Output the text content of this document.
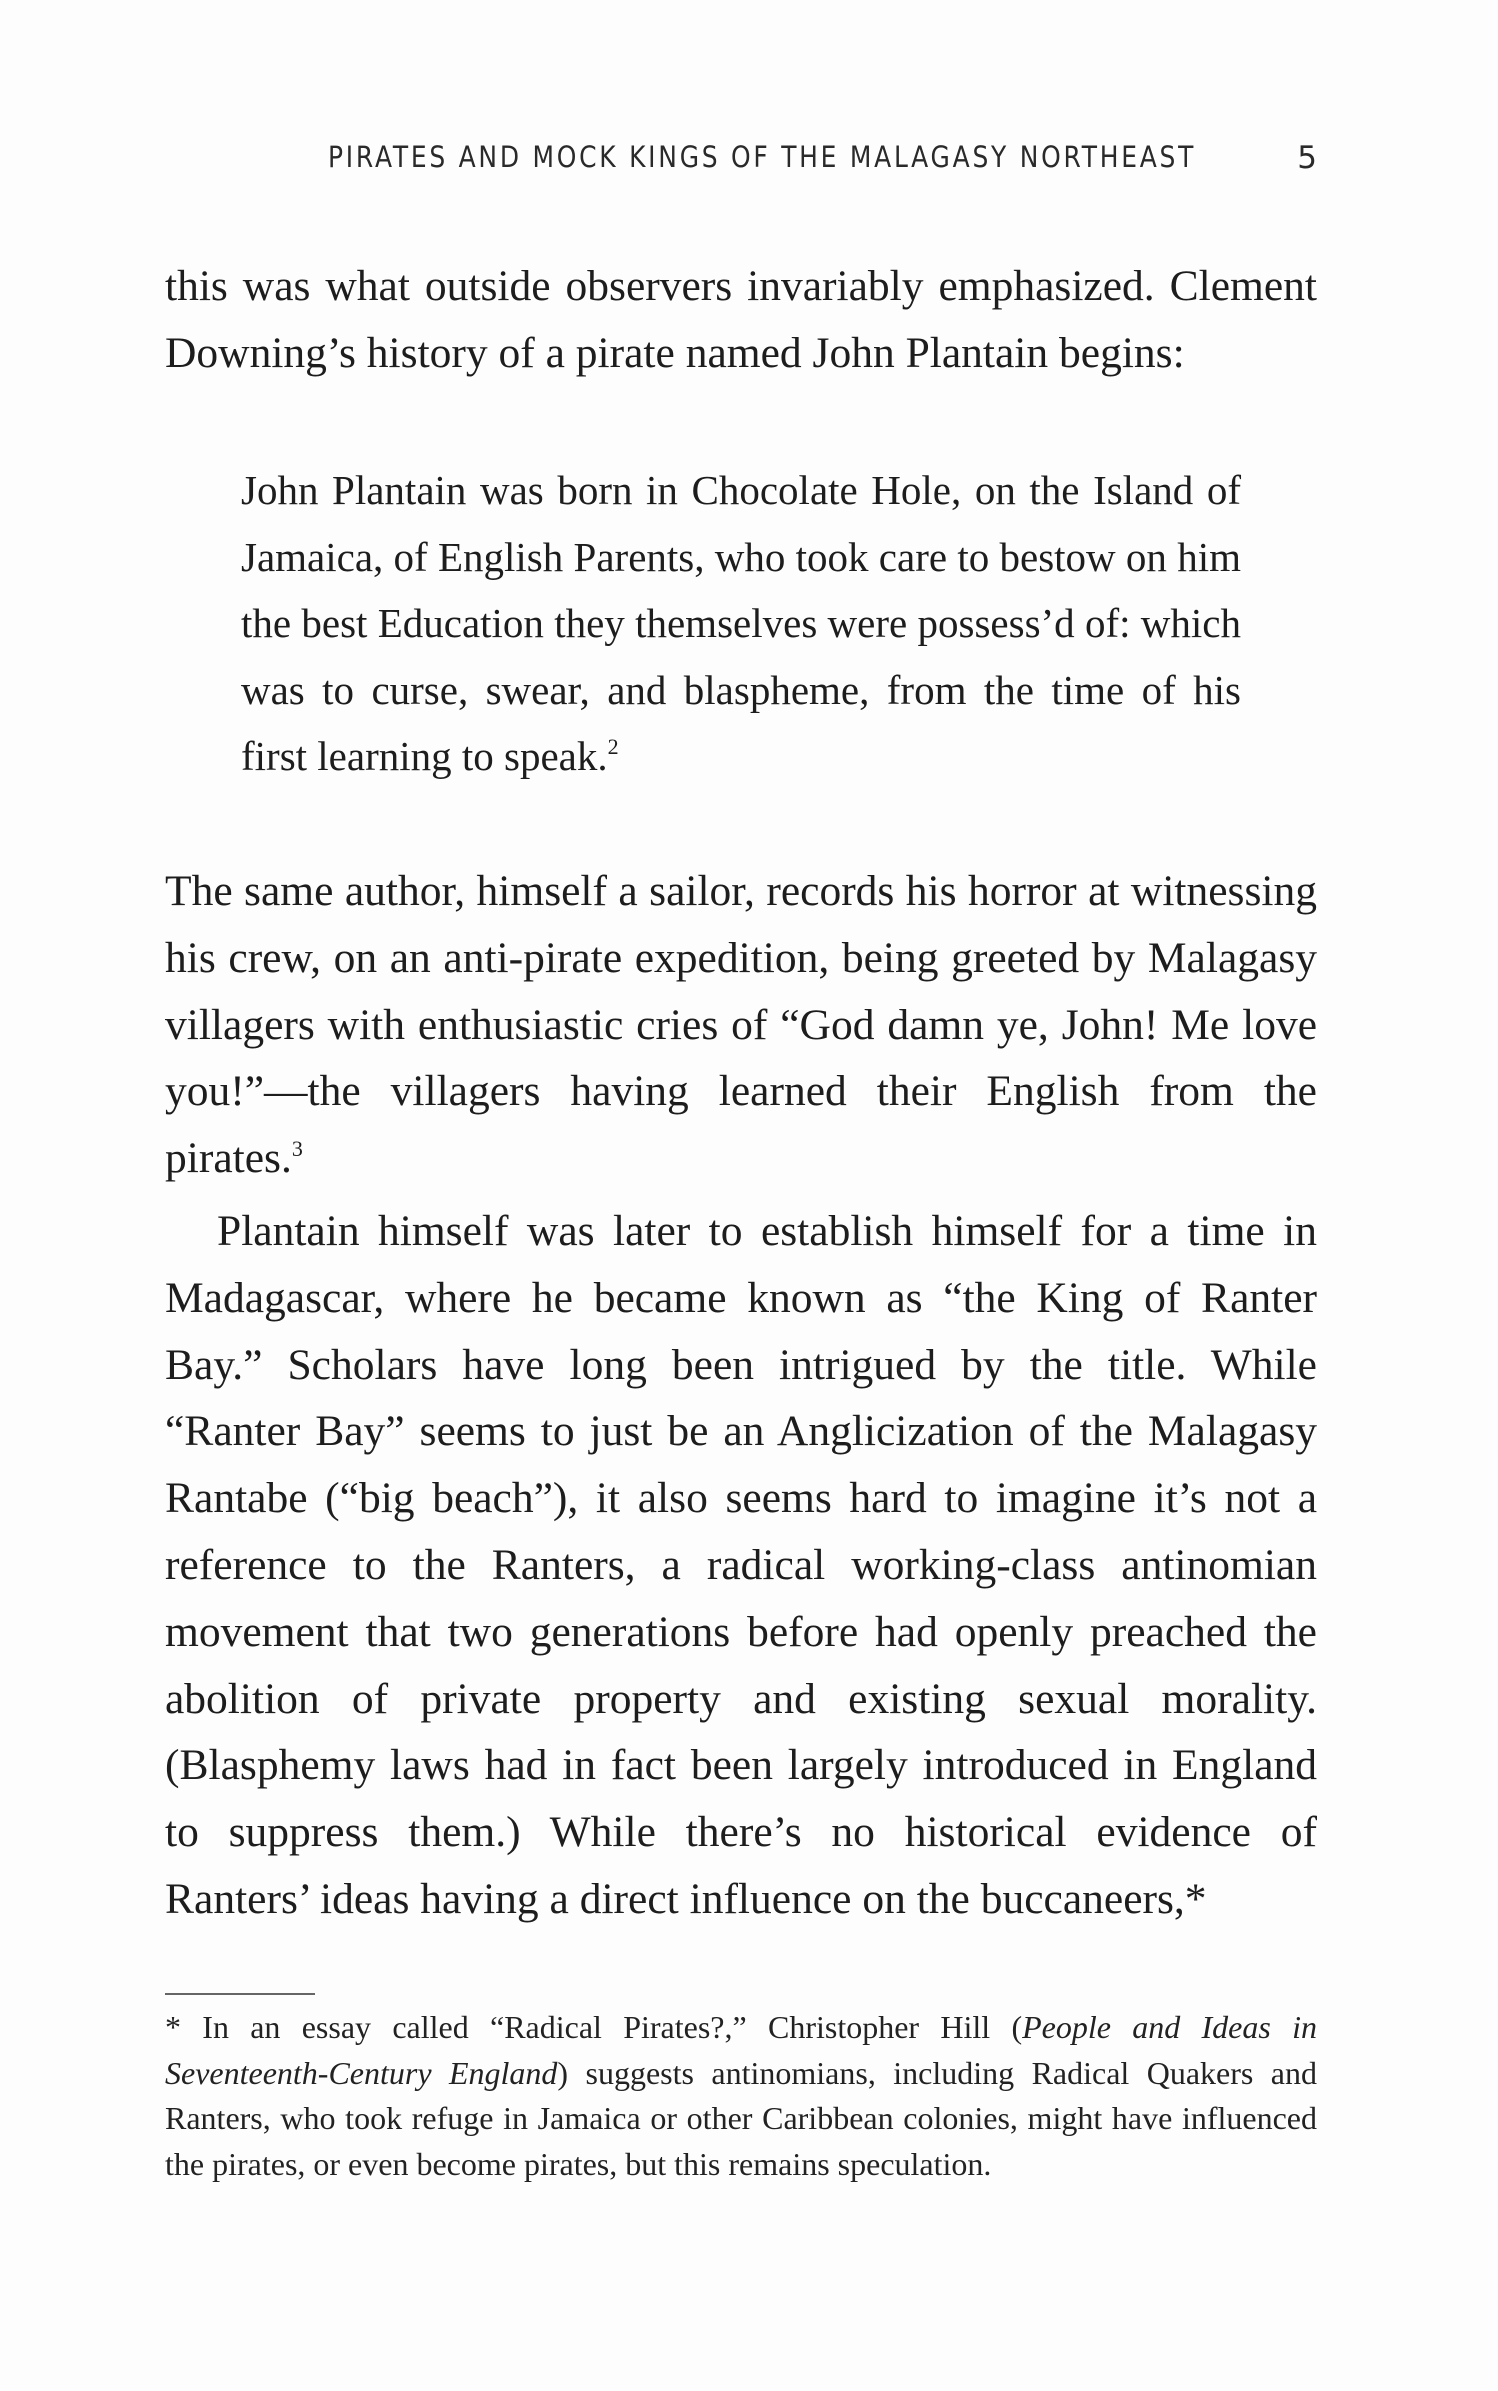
PIRATES AND MOCK KINGS OF THE MALAGASY NORTHEAST	5

this was what outside observers invariably emphasized. Clement Downing’s history of a pirate named John Plantain begins:

John Plantain was born in Chocolate Hole, on the Island of Jamaica, of English Parents, who took care to bestow on him the best Education they themselves were possess’d of: which was to curse, swear, and blaspheme, from the time of his first learning to speak.$^2$

The same author, himself a sailor, records his horror at witnessing his crew, on an anti-pirate expedition, being greeted by Malagasy villagers with enthusiastic cries of “God damn ye, John! Me love you!”—the villagers having learned their English from the pirates.$^3$

Plantain himself was later to establish himself for a time in Madagascar, where he became known as “the King of Ranter Bay.” Scholars have long been intrigued by the title. While “Ranter Bay” seems to just be an Anglicization of the Malagasy Rantabe (“big beach”), it also seems hard to imagine it’s not a reference to the Ranters, a radical working-class antinomian movement that two generations before had openly preached the abolition of private property and existing sexual morality. (Blasphemy laws had in fact been largely introduced in England to suppress them.) While there’s no historical evidence of Ranters’ ideas having a direct influence on the buccaneers,*

* In an essay called “Radical Pirates?,” Christopher Hill (People and Ideas in Seventeenth-Century England) suggests antinomians, including Radical Quakers and Ranters, who took refuge in Jamaica or other Caribbean colonies, might have influenced the pirates, or even become pirates, but this remains speculation.
